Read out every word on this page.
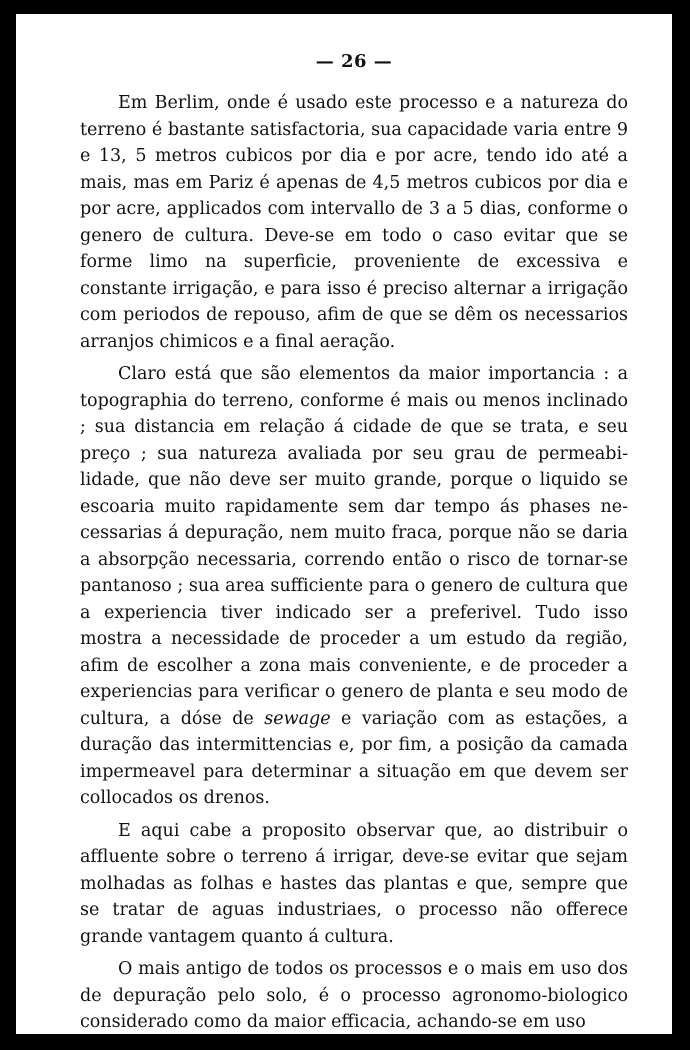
— 26 —

Em Berlim, onde é usado este processo e a natureza do terreno é bastante satisfactoria, sua capacidade varia entre 9 e 13, 5 metros cubicos por dia e por acre, tendo ido até a mais, mas em Pariz é apenas de 4,5 metros cubicos por dia e por acre, applicados com intervallo de 3 a 5 dias, conforme o genero de cultura. Deve-se em todo o caso evitar que se forme limo na superficie, proveniente de excessiva e constante irrigação, e para isso é preciso alternar a irrigação com periodos de repouso, afim de que se dêm os necessarios arranjos chimicos e a final aeração.

Claro está que são elementos da maior importancia : a topographia do terreno, conforme é mais ou menos inclinado ; sua distancia em relação á cidade de que se trata, e seu preço ; sua natureza avaliada por seu grau de permeabilidade, que não deve ser muito grande, porque o liquido se escoaria muito rapidamente sem dar tempo ás phases necessarias á depuração, nem muito fraca, porque não se daria a absorpção necessaria, correndo então o risco de tornar-se pantanoso ; sua area sufficiente para o genero de cultura que a experiencia tiver indicado ser a preferivel. Tudo isso mostra a necessidade de proceder a um estudo da região, afim de escolher a zona mais conveniente, e de proceder a experiencias para verificar o genero de planta e seu modo de cultura, a dóse de sewage e variação com as estações, a duração das intermittencias e, por fim, a posição da camada impermeavel para determinar a situação em que devem ser collocados os drenos.

E aqui cabe a proposito observar que, ao distribuir o affluente sobre o terreno á irrigar, deve-se evitar que sejam molhadas as folhas e hastes das plantas e que, sempre que se tratar de aguas industriaes, o processo não offerece grande vantagem quanto á cultura.

O mais antigo de todos os processos e o mais em uso dos de depuração pelo solo, é o processo agronomo-biologico considerado como da maior efficacia, achando-se em uso
